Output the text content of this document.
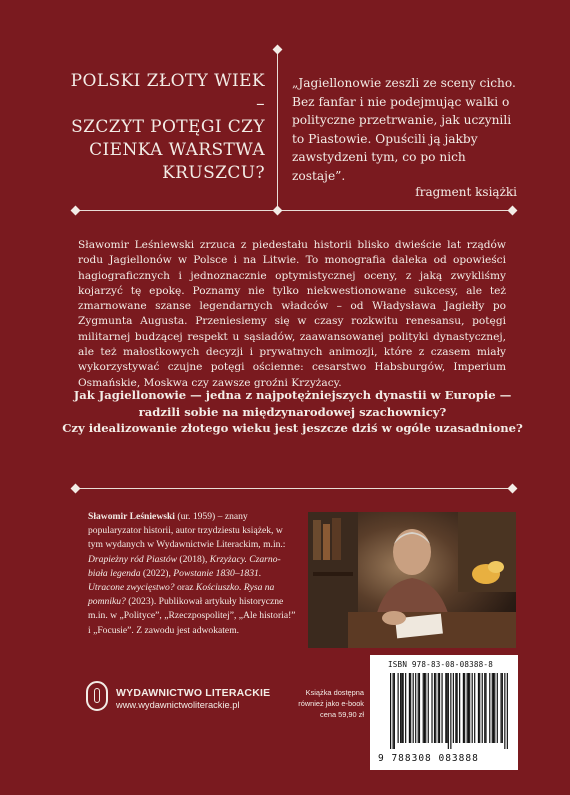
POLSKI ZŁOTY WIEK –
SZCZYT POTĘGI CZY
CIENKA WARSTWA
KRUSZCU?
„Jagiellonowie zeszli ze sceny cicho. Bez fanfar i nie podejmując walki o polityczne przetrwanie, jak uczynili to Piastowie. Opuścili ją jakby zawstydzeni tym, co po nich zostaje”.
fragment książki
Sławomir Leśniewski zrzuca z piedestału historii blisko dwieście lat rządów rodu Jagiellonów w Polsce i na Litwie. To monografia daleka od opowieści hagiograficznych i jednoznacznie optymistycznej oceny, z jaką zwykliśmy kojarzyć tę epokę. Poznamy nie tylko niekwestionowane sukcesy, ale też zmarnowane szanse legendarnych władców – od Władysława Jagiełły po Zygmunta Augusta. Przeniesiemy się w czasy rozkwitu renesansu, potęgi militarnej budzącej respekt u sąsiadów, zaawansowanej polityki dynastycznej, ale też małostkowych decyzji i prywatnych animozji, które z czasem miały wykorzystywać czujne potęgi ościenne: cesarstwo Habsburgów, Imperium Osmańskie, Moskwa czy zawsze groźni Krzyżacy.
Jak Jagiellonowie — jedna z najpotężniejszych dynastii w Europie —
radzili sobie na międzynarodowej szachownicy?
Czy idealizowanie złotego wieku jest jeszcze dziś w ogóle uzasadnione?
Sławomir Leśniewski (ur. 1959) – znany popularyzator historii, autor trzydziestu książek, w tym wydanych w Wydawnictwie Literackim, m.in.: Drapieżny ród Piastów (2018), Krzyżacy. Czarno-biała legenda (2022), Powstanie 1830–1831. Utracone zwycięstwo? oraz Kościuszko. Rysa na pomniku? (2023). Publikował artykuły historyczne m.in. w „Polityce”, „Rzeczpospolitej”, „Ale historia!” i „Focusie”. Z zawodu jest adwokatem.
WYDAWNICTWO LITERACKIE
www.wydawnictwoliterackie.pl
Książka dostępna
również jako e-book
cena 59,90 zł
ISBN 978-83-08-08388-8
9 788308 083888
